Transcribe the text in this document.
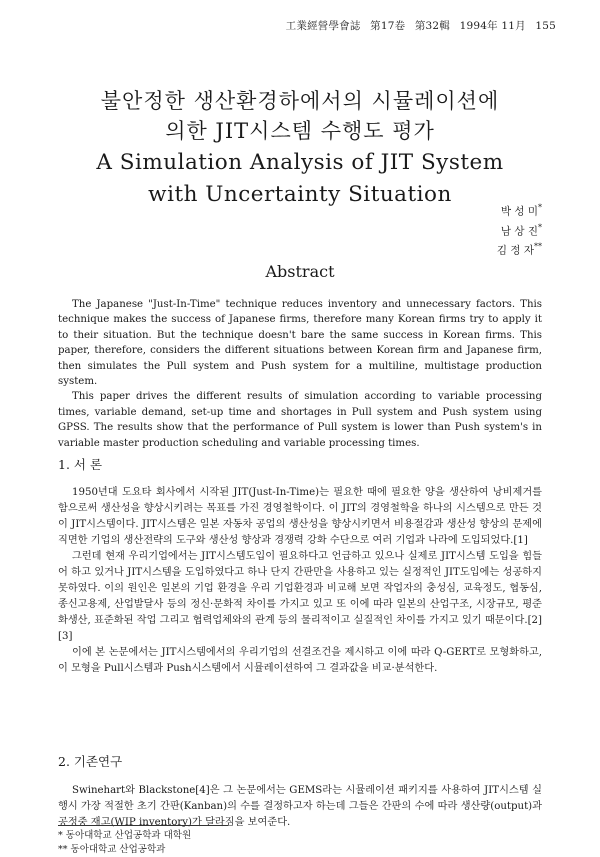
工業經營學會誌 第17卷 第32輯 1994年 11月 155
불안정한 생산환경하에서의 시뮬레이션에
의한 JIT시스템 수행도 평가
A Simulation Analysis of JIT System
with Uncertainty Situation
박 성 미*
남 상 진*
김 정 자**
Abstract

The Japanese "Just-In-Time" technique reduces inventory and unnecessary factors. This technique makes the success of Japanese firms, therefore many Korean firms try to apply it to their situation. But the technique doesn't bare the same success in Korean firms. This paper, therefore, considers the different situations between Korean firm and Japanese firm, then simulates the Pull system and Push system for a multiline, multistage production system.

This paper drives the different results of simulation according to variable processing times, variable demand, set-up time and shortages in Pull system and Push system using GPSS. The results show that the performance of Pull system is lower than Push system's in variable master production scheduling and variable processing times.

1. 서 론

1950년대 도요타 회사에서 시작된 JIT(Just-In-Time)는 필요한 때에 필요한 양을 생산하여 낭비제거를 함으로써 생산성을 향상시키려는 목표를 가진 경영철학이다. 이 JIT의 경영철학을 하나의 시스템으로 만든 것이 JIT시스템이다. JIT시스템은 일본 자동차 공업의 생산성을 향상시키면서 비용절감과 생산성 향상의 문제에 직면한 기업의 생산전략의 도구와 생산성 향상과 경쟁력 강화 수단으로 여러 기업과 나라에 도입되었다.[1]

그런데 현재 우리기업에서는 JIT시스템도입이 필요하다고 언급하고 있으나 실제로 JIT시스템 도입을 힘들어 하고 있거나 JIT시스템을 도입하였다고 하나 단지 간판만을 사용하고 있는 실정적인 JIT도입에는 성공하지 못하였다. 이의 원인은 일본의 기업 환경을 우리 기업환경과 비교해 보면 작업자의 충성심, 교육정도, 협동심, 종신고용제, 산업발달사 등의 정신·문화적 차이를 가지고 있고 또 이에 따라 일본의 산업구조, 시장규모, 평준화생산, 표준화된 작업 그리고 협력업체와의 관계 등의 물리적이고 실질적인 차이를 가지고 있기 때문이다.[2][3]

이에 본 논문에서는 JIT시스템에서의 우리기업의 선결조건을 제시하고 이에 따라 Q-GERT로 모형화하고, 이 모형을 Pull시스템과 Push시스템에서 시뮬레이션하여 그 결과값을 비교·분석한다.

2. 기존연구

Swinehart와 Blackstone[4]은 그 논문에서는 GEMS라는 시뮬레이션 패키지를 사용하여 JIT시스템 실행시 가장 적절한 초기 간판(Kanban)의 수를 결정하고자 하는데 그들은 간판의 수에 따라 생산량(output)과 공정중 재고(WIP inventory)가 달라짐을 보여준다.

* 동아대학교 산업공학과 대학원
** 동아대학교 산업공학과
